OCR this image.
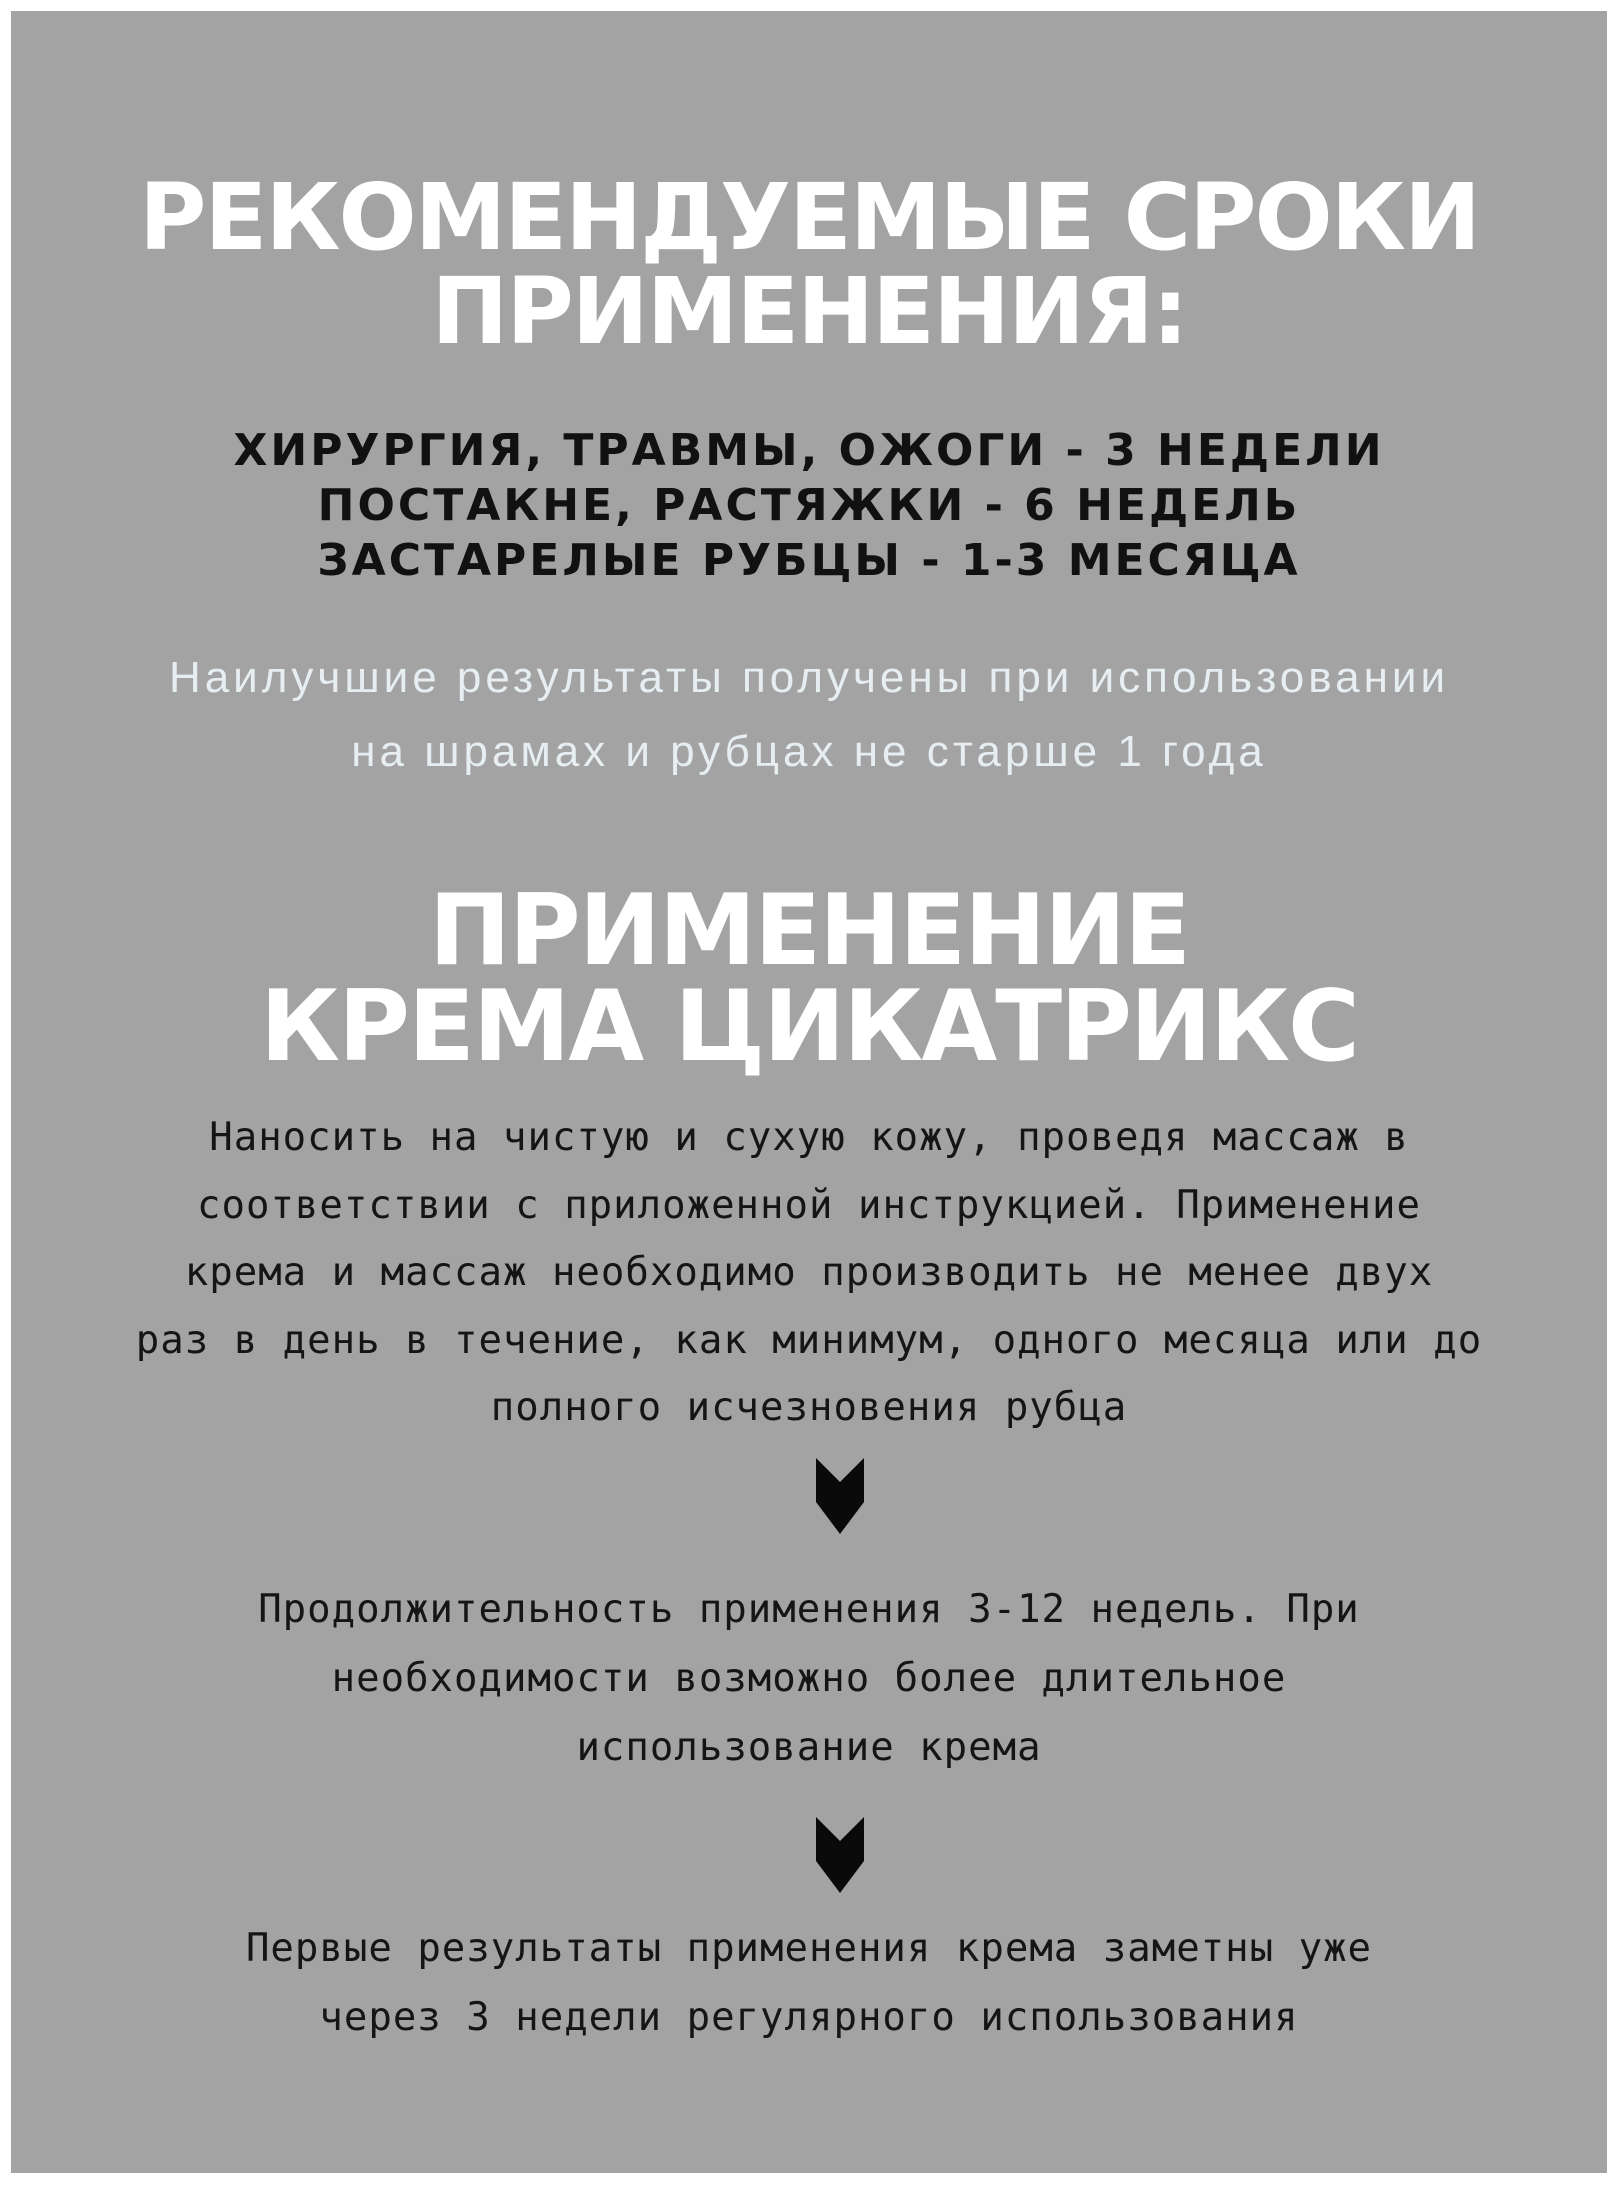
РЕКОМЕНДУЕМЫЕ СРОКИ
ПРИМЕНЕНИЯ:
ХИРУРГИЯ, ТРАВМЫ, ОЖОГИ - 3 НЕДЕЛИ
ПОСТАКНЕ, РАСТЯЖКИ - 6 НЕДЕЛЬ
ЗАСТАРЕЛЫЕ РУБЦЫ - 1-3 МЕСЯЦА
Наилучшие результаты получены при использовании
на шрамах и рубцах не старше 1 года
ПРИМЕНЕНИЕ
КРЕМА ЦИКАТРИКС
Наносить на чистую и сухую кожу, проведя массаж в
соответствии с приложенной инструкцией. Применение
крема и массаж необходимо производить не менее двух
раз в день в течение, как минимум, одного месяца или до
полного исчезновения рубца
Продолжительность применения 3-12 недель. При
необходимости возможно более длительное
использование крема
Первые результаты применения крема заметны уже
через 3 недели регулярного использования
